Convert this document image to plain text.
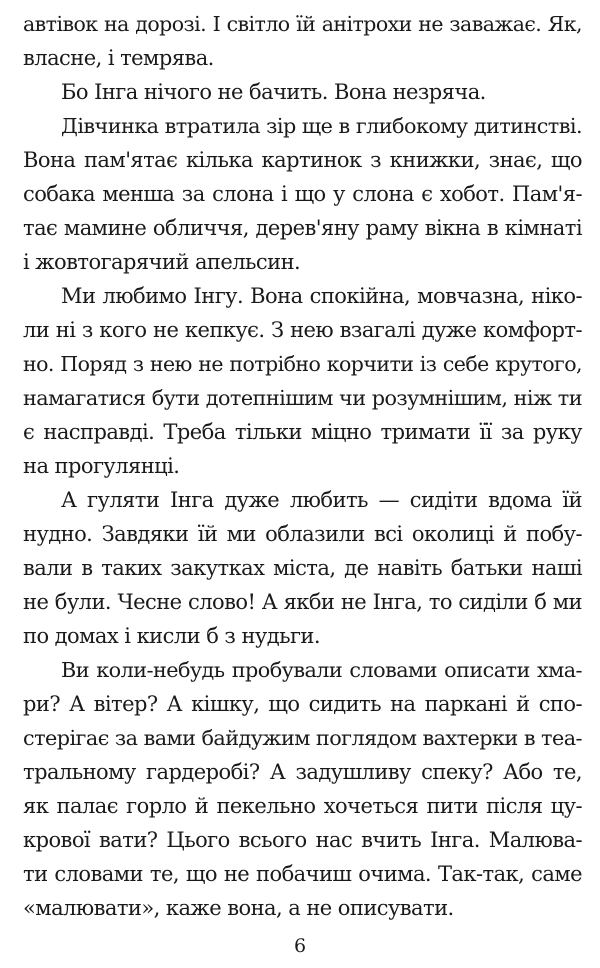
автівок на дорозі. І світло їй анітрохи не заважає. Як,
власне, і темрява.
Бо Інга нічого не бачить. Вона незряча.
Дівчинка втратила зір ще в глибокому дитинстві.
Вона пам'ятає кілька картинок з книжки, знає, що
собака менша за слона і що у слона є хобот. Пам'я-
тає мамине обличчя, дерев'яну раму вікна в кімнаті
і жовтогарячий апельсин.
Ми любимо Інгу. Вона спокійна, мовчазна, ніко-
ли ні з кого не кепкує. З нею взагалі дуже комфорт-
но. Поряд з нею не потрібно корчити із себе крутого,
намагатися бути дотепнішим чи розумнішим, ніж ти
є насправді. Треба тільки міцно тримати її за руку
на прогулянці.
А гуляти Інга дуже любить — сидіти вдома їй
нудно. Завдяки їй ми облазили всі околиці й побу-
вали в таких закутках міста, де навіть батьки наші
не були. Чесне слово! А якби не Інга, то сиділи б ми
по домах і кисли б з нудьги.
Ви коли-небудь пробували словами описати хма-
ри? А вітер? А кішку, що сидить на паркані й спо-
стерігає за вами байдужим поглядом вахтерки в теа-
тральному гардеробі? А задушливу спеку? Або те,
як палає горло й пекельно хочеться пити після цу-
крової вати? Цього всього нас вчить Інга. Малюва-
ти словами те, що не побачиш очима. Так-так, саме
«малювати», каже вона, а не описувати.
6
